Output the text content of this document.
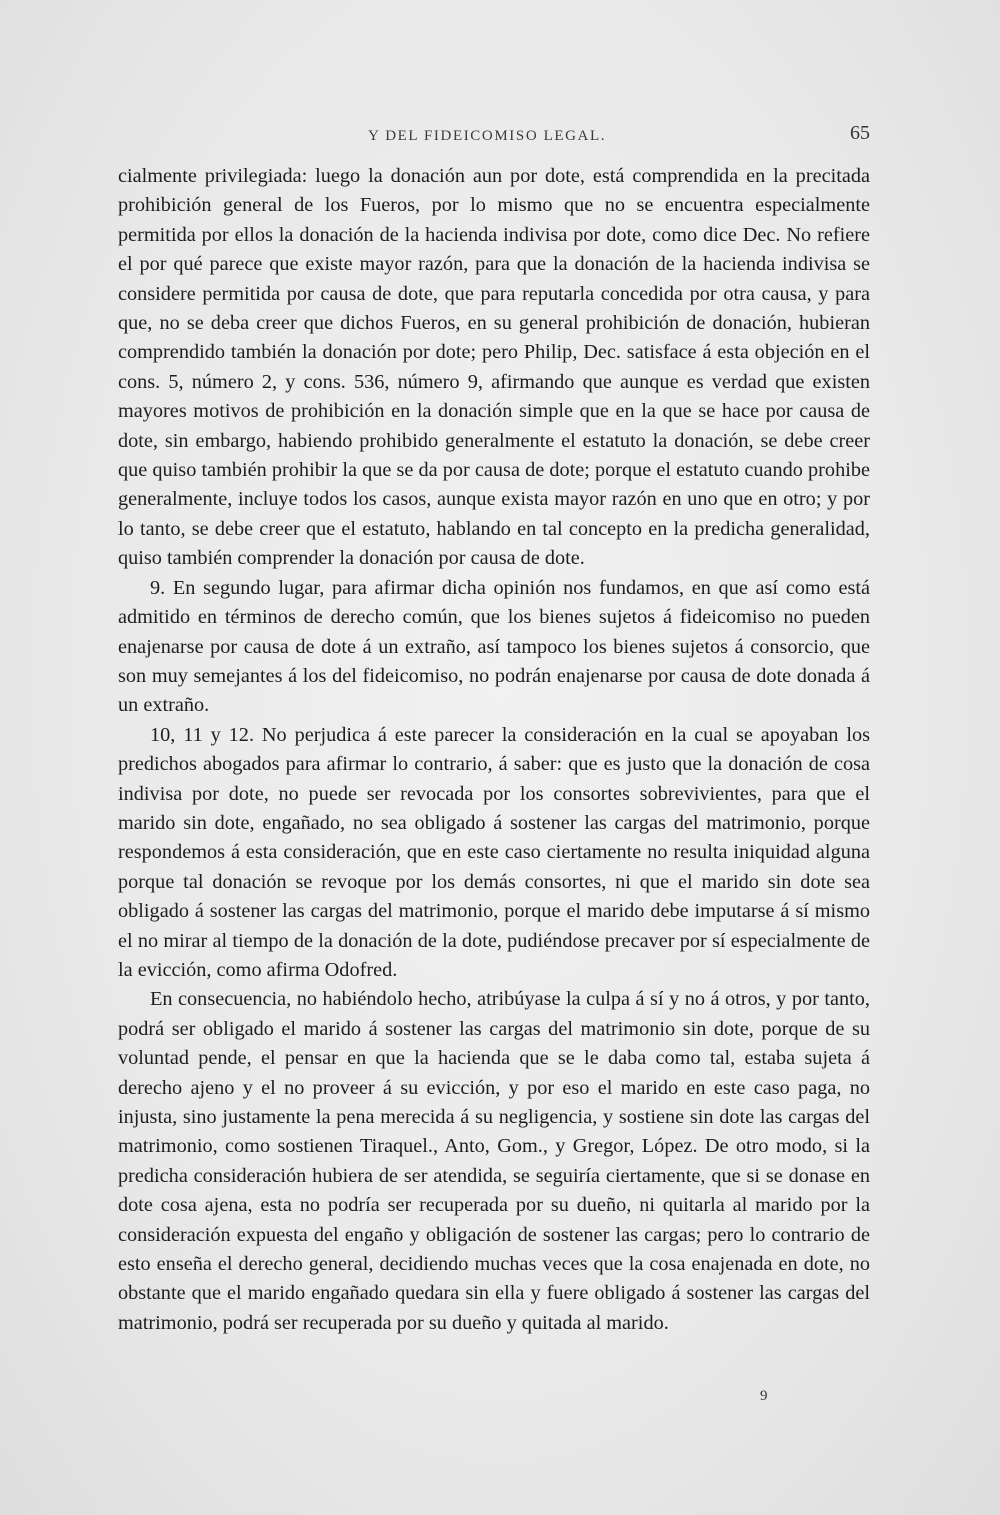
Y DEL FIDEICOMISO LEGAL.	65

cialmente privilegiada: luego la donación aun por dote, está comprendida en la precitada prohibición general de los Fueros, por lo mismo que no se encuentra especialmente permitida por ellos la donación de la hacienda indivisa por dote, como dice Dec. No refiere el por qué parece que existe mayor razón, para que la donación de la hacienda indivisa se considere permitida por causa de dote, que para reputarla concedida por otra causa, y para que, no se deba creer que dichos Fueros, en su general prohibición de donación, hubieran comprendido también la donación por dote; pero Philip, Dec. satisface á esta objeción en el cons. 5, número 2, y cons. 536, número 9, afirmando que aunque es verdad que existen mayores motivos de prohibición en la donación simple que en la que se hace por causa de dote, sin embargo, habiendo prohibido generalmente el estatuto la donación, se debe creer que quiso también prohibir la que se da por causa de dote; porque el estatuto cuando prohibe generalmente, incluye todos los casos, aunque exista mayor razón en uno que en otro; y por lo tanto, se debe creer que el estatuto, hablando en tal concepto en la predicha generalidad, quiso también comprender la donación por causa de dote.

9. En segundo lugar, para afirmar dicha opinión nos fundamos, en que así como está admitido en términos de derecho común, que los bienes sujetos á fideicomiso no pueden enajenarse por causa de dote á un extraño, así tampoco los bienes sujetos á consorcio, que son muy semejantes á los del fideicomiso, no podrán enajenarse por causa de dote donada á un extraño.

10, 11 y 12. No perjudica á este parecer la consideración en la cual se apoyaban los predichos abogados para afirmar lo contrario, á saber: que es justo que la donación de cosa indivisa por dote, no puede ser revocada por los consortes sobrevivientes, para que el marido sin dote, engañado, no sea obligado á sostener las cargas del matrimonio, porque respondemos á esta consideración, que en este caso ciertamente no resulta iniquidad alguna porque tal donación se revoque por los demás consortes, ni que el marido sin dote sea obligado á sostener las cargas del matrimonio, porque el marido debe imputarse á sí mismo el no mirar al tiempo de la donación de la dote, pudiéndose precaver por sí especialmente de la evicción, como afirma Odofred.

En consecuencia, no habiéndolo hecho, atribúyase la culpa á sí y no á otros, y por tanto, podrá ser obligado el marido á sostener las cargas del matrimonio sin dote, porque de su voluntad pende, el pensar en que la hacienda que se le daba como tal, estaba sujeta á derecho ajeno y el no proveer á su evicción, y por eso el marido en este caso paga, no injusta, sino justamente la pena merecida á su negligencia, y sostiene sin dote las cargas del matrimonio, como sostienen Tiraquel., Anto, Gom., y Gregor, López. De otro modo, si la predicha consideración hubiera de ser atendida, se seguiría ciertamente, que si se donase en dote cosa ajena, esta no podría ser recuperada por su dueño, ni quitarla al marido por la consideración expuesta del engaño y obligación de sostener las cargas; pero lo contrario de esto enseña el derecho general, decidiendo muchas veces que la cosa enajenada en dote, no obstante que el marido engañado quedara sin ella y fuere obligado á sostener las cargas del matrimonio, podrá ser recuperada por su dueño y quitada al marido.

9
